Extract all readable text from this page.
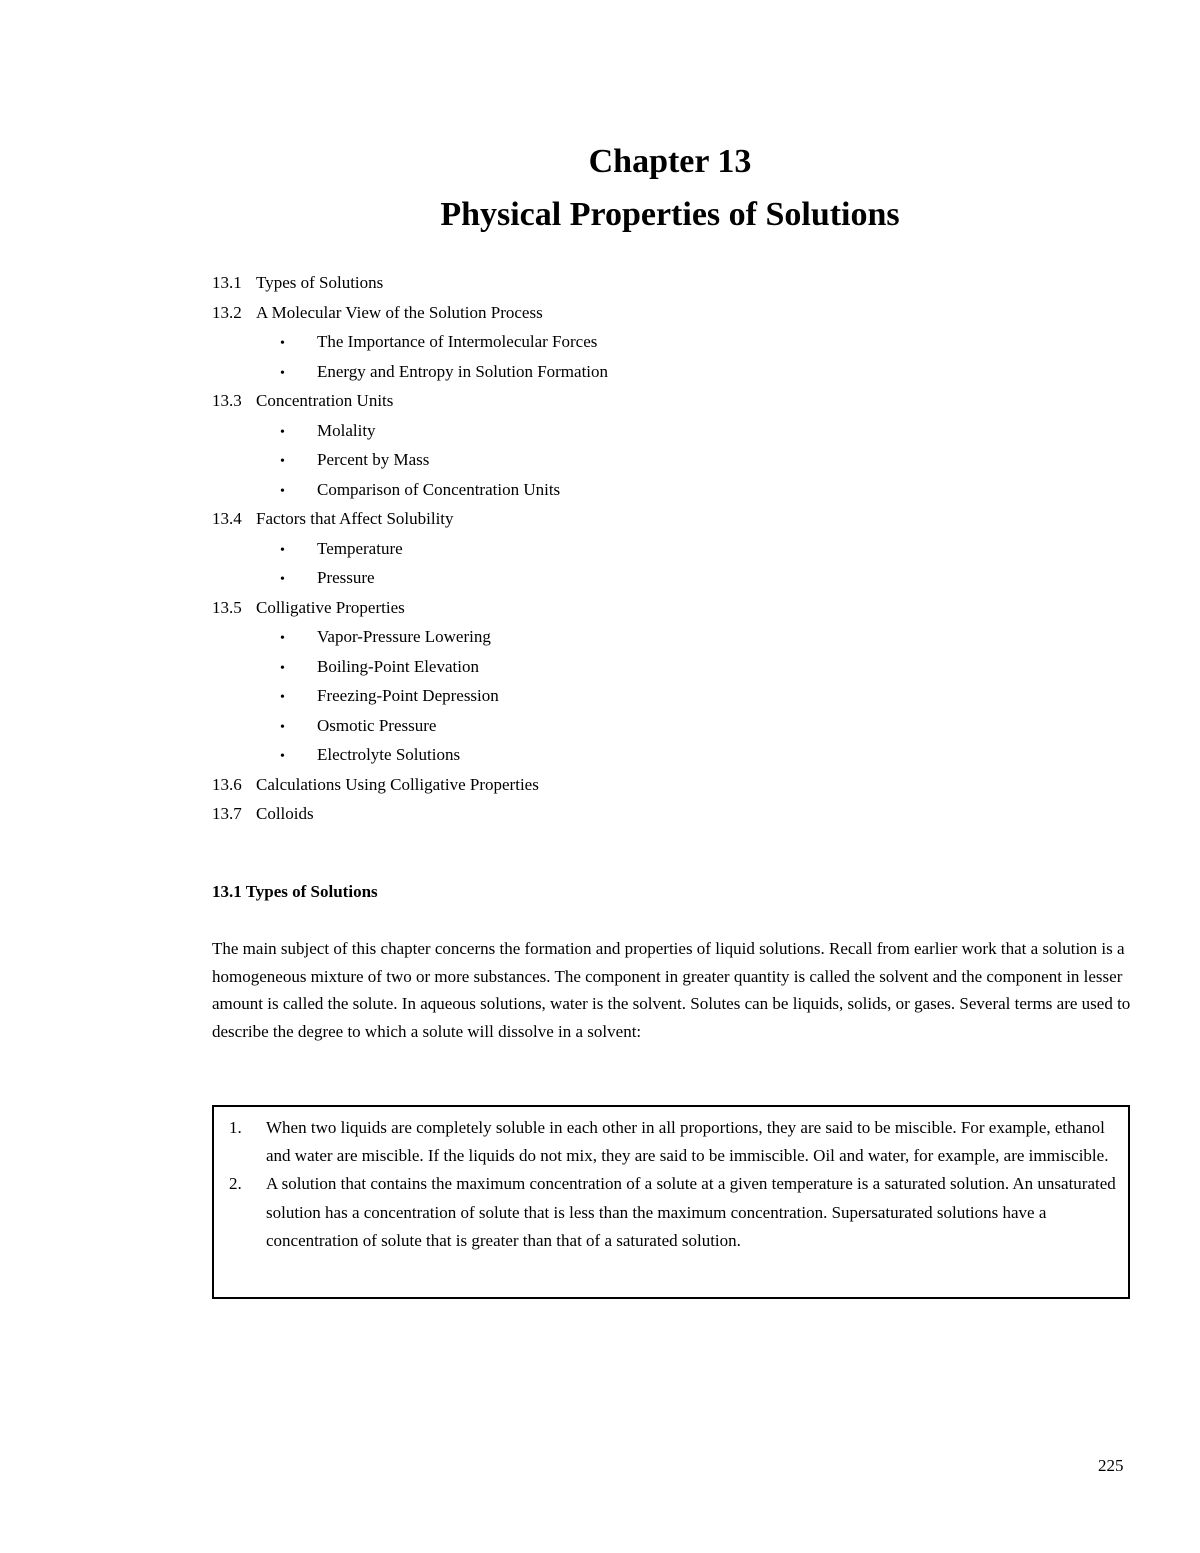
Chapter 13
Physical Properties of Solutions
13.1 Types of Solutions
13.2 A Molecular View of the Solution Process
• The Importance of Intermolecular Forces
• Energy and Entropy in Solution Formation
13.3 Concentration Units
• Molality
• Percent by Mass
• Comparison of Concentration Units
13.4 Factors that Affect Solubility
• Temperature
• Pressure
13.5 Colligative Properties
• Vapor-Pressure Lowering
• Boiling-Point Elevation
• Freezing-Point Depression
• Osmotic Pressure
• Electrolyte Solutions
13.6 Calculations Using Colligative Properties
13.7 Colloids
13.1 Types of Solutions

The main subject of this chapter concerns the formation and properties of liquid solutions. Recall from earlier work that a solution is a homogeneous mixture of two or more substances. The component in greater quantity is called the solvent and the component in lesser amount is called the solute. In aqueous solutions, water is the solvent. Solutes can be liquids, solids, or gases. Several terms are used to describe the degree to which a solute will dissolve in a solvent:

1. When two liquids are completely soluble in each other in all proportions, they are said to be miscible. For example, ethanol and water are miscible. If the liquids do not mix, they are said to be immiscible. Oil and water, for example, are immiscible.
2. A solution that contains the maximum concentration of a solute at a given temperature is a saturated solution. An unsaturated solution has a concentration of solute that is less than the maximum concentration. Supersaturated solutions have a concentration of solute that is greater than that of a saturated solution.

225
